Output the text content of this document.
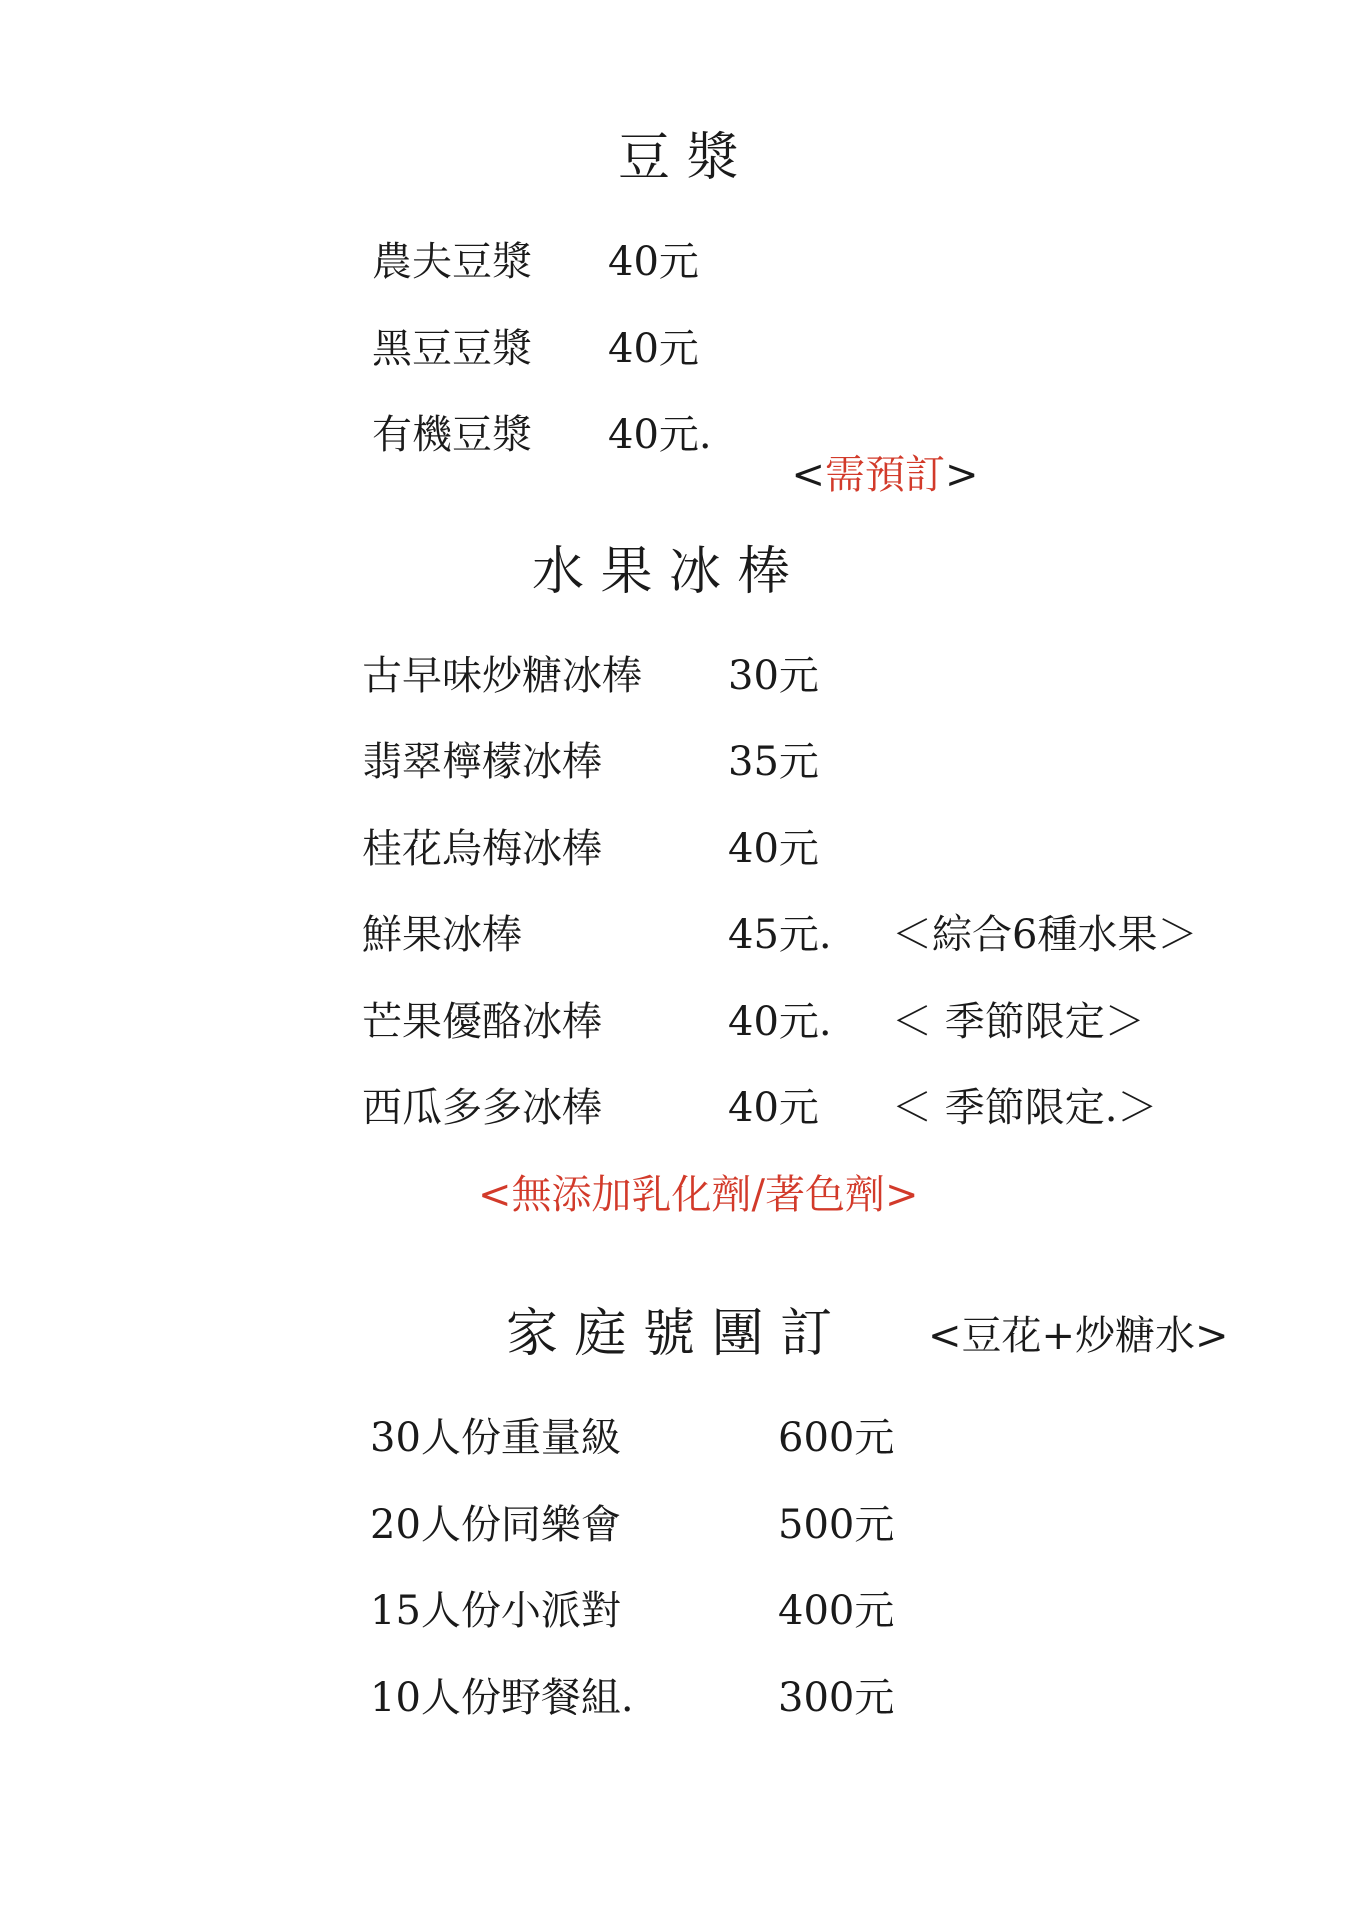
豆 漿
農夫豆漿 40元
黑豆豆漿 40元
有機豆漿 40元.

<需預訂>

水 果 冰 棒
古早味炒糖冰棒 30元
翡翠檸檬冰棒	35元
桂花烏梅冰棒	40元
鮮果冰棒	45元. ＜綜合6種水果＞
芒果優酪冰棒	40元. ＜ 季節限定＞
西瓜多多冰棒	40元 ＜ 季節限定.＞
<無添加乳化劑/著色劑>
家 庭 號 團 訂 <豆花+炒糖水>
30人份重量級	600元
20人份同樂會	500元
15人份小派對	400元
10人份野餐組.	300元
